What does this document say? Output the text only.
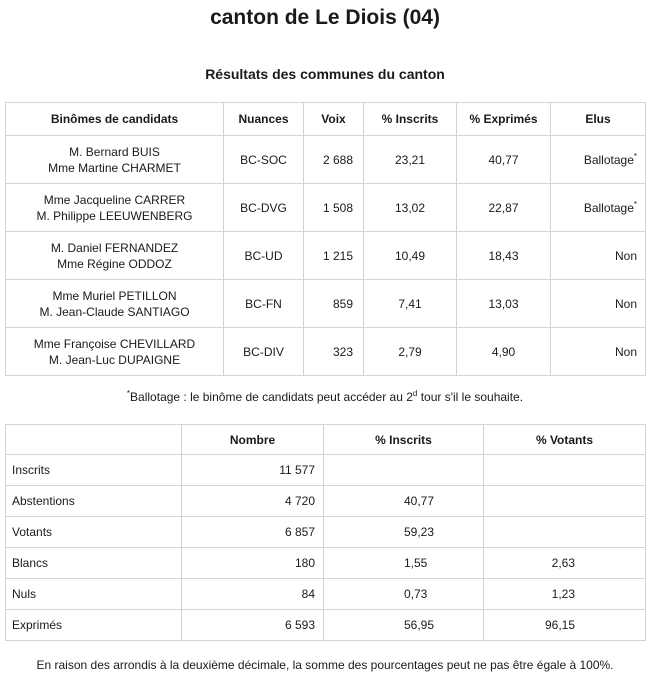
canton de Le Diois (04)
Résultats des communes du canton
Binômes de candidats	Nuances	Voix	% Inscrits	% Exprimés	Elus

M. Bernard BUIS
Mme Martine CHARMET	BC-SOC	2 688	23,21	40,77	Ballotage*

Mme Jacqueline CARRER
M. Philippe LEEUWENBERG	BC-DVG	1 508	13,02	22,87	Ballotage*

M. Daniel FERNANDEZ
Mme Régine ODDOZ	BC-UD	1 215	10,49	18,43	Non

Mme Muriel PETILLON
M. Jean-Claude SANTIAGO	BC-FN	859	7,41	13,03	Non

Mme Françoise CHEVILLARD
M. Jean-Luc DUPAIGNE	BC-DIV	323	2,79	4,90	Non
*Ballotage : le binôme de candidats peut accéder au 2$^d$ tour s'il le souhaite.
	Nombre	% Inscrits	% Votants
Inscrits	11 577		
Abstentions	4 720	40,77	
Votants	6 857	59,23	
Blancs	180	1,55	2,63
Nuls	84	0,73	1,23
Exprimés	6 593	56,95	96,15
En raison des arrondis à la deuxième décimale, la somme des pourcentages peut ne pas être égale à 100%.
